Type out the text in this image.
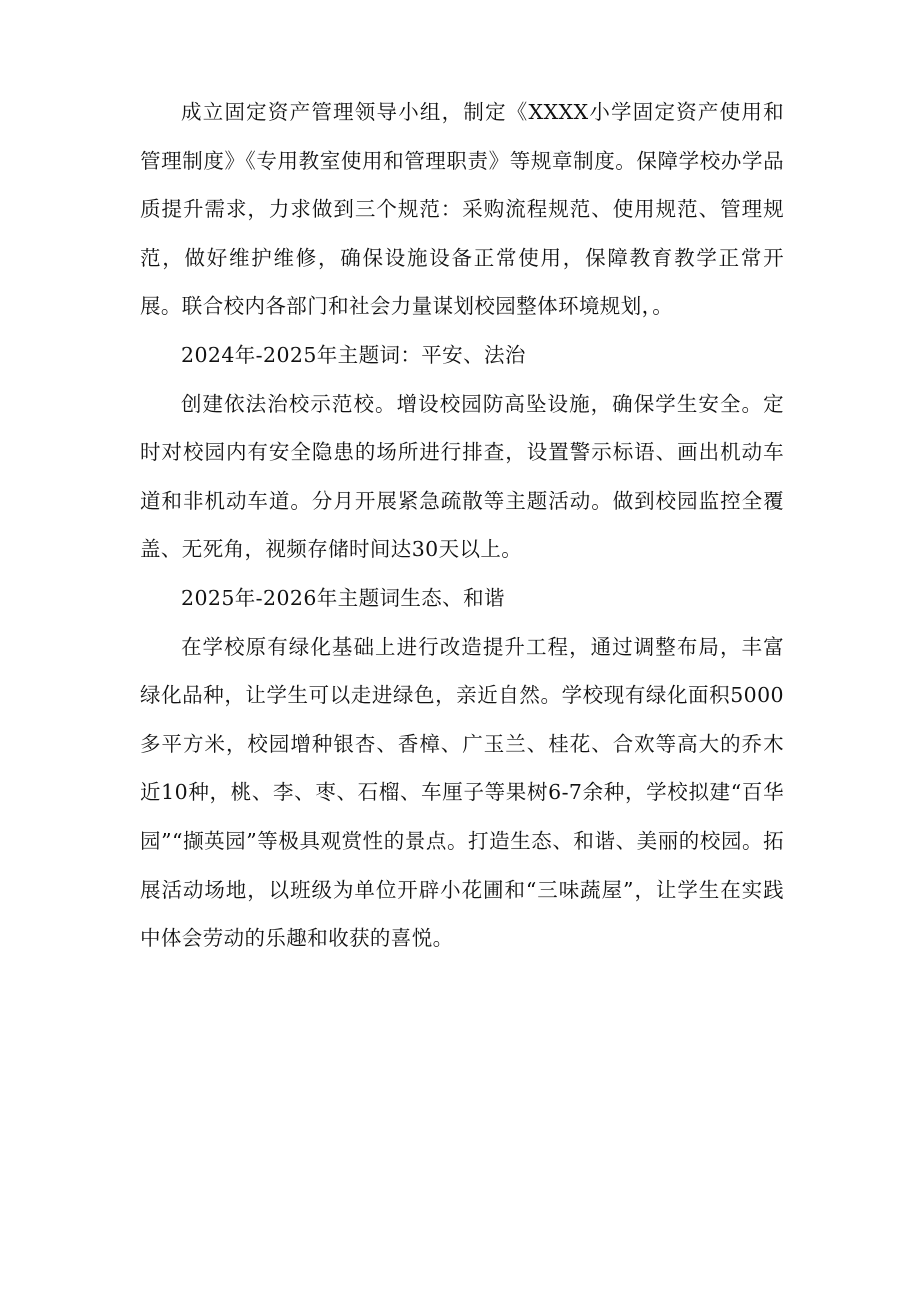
成立固定资产管理领导小组，制定《XXXX小学固定资产使用和管理制度》《专用教室使用和管理职责》等规章制度。保障学校办学品质提升需求，力求做到三个规范：采购流程规范、使用规范、管理规范，做好维护维修，确保设施设备正常使用，保障教育教学正常开展。联合校内各部门和社会力量谋划校园整体环境规划，。

2024年-2025年主题词：平安、法治

创建依法治校示范校。增设校园防高坠设施，确保学生安全。定时对校园内有安全隐患的场所进行排查，设置警示标语、画出机动车道和非机动车道。分月开展紧急疏散等主题活动。做到校园监控全覆盖、无死角，视频存储时间达30天以上。

2025年-2026年主题词生态、和谐

在学校原有绿化基础上进行改造提升工程，通过调整布局，丰富绿化品种，让学生可以走进绿色，亲近自然。学校现有绿化面积5000多平方米，校园增种银杏、香樟、广玉兰、桂花、合欢等高大的乔木近10种，桃、李、枣、石榴、车厘子等果树6-7余种，学校拟建“百华园”“撷英园”等极具观赏性的景点。打造生态、和谐、美丽的校园。拓展活动场地，以班级为单位开辟小花圃和“三味蔬屋”，让学生在实践中体会劳动的乐趣和收获的喜悦。
